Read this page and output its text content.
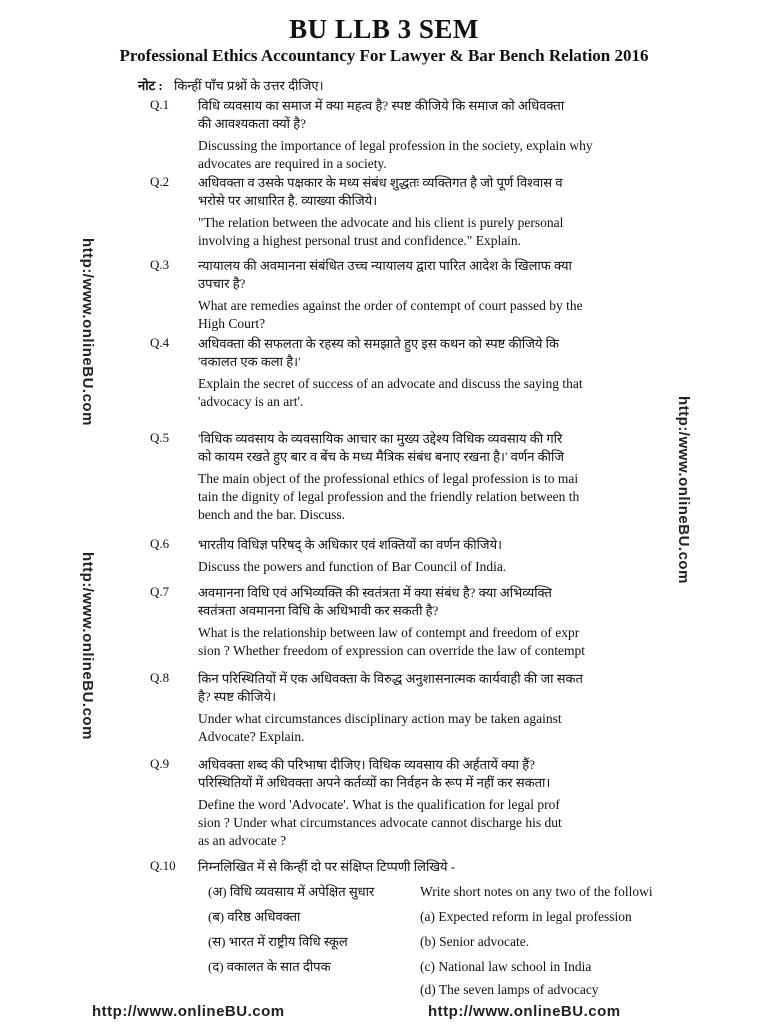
BU LLB 3 SEM
Professional Ethics Accountancy For Lawyer & Bar Bench Relation 2016
नोट : किन्हीं पाँच प्रश्नों के उत्तर दीजिए।
http:/www.onlineBU.com
http:/www.onlineBU.com
http:/www.onlineBU.com
Q.1 विधि व्यवसाय का समाज में क्या महत्व है? स्पष्ट कीजिये कि समाज को अधिवक्ता
की आवश्यकता क्यों है?
Discussing the importance of legal profession in the society, explain why
advocates are required in a society.
Q.2 अधिवक्ता व उसके पक्षकार के मध्य संबंध शुद्धतः व्यक्तिगत है जो पूर्ण विश्वास व
भरोसे पर आधारित है. व्याख्या कीजिये।
"The relation between the advocate and his client is purely personal
involving a highest personal trust and confidence." Explain.
Q.3 न्यायालय की अवमानना संबंधित उच्च न्यायालय द्वारा पारित आदेश के खिलाफ क्या
उपचार है?
What are remedies against the order of contempt of court passed by the
High Court?
Q.4 अधिवक्ता की सफलता के रहस्य को समझाते हुए इस कथन को स्पष्ट कीजिये कि
'वकालत एक कला है।'
Explain the secret of success of an advocate and discuss the saying that
'advocacy is an art'.
Q.5 'विधिक व्यवसाय के व्यवसायिक आचार का मुख्य उद्देश्य विधिक व्यवसाय की गरि
को कायम रखते हुए बार व बेंच के मध्य मैत्रिक संबंध बनाए रखना है।' वर्णन कीजि
The main object of the professional ethics of legal profession is to mai
tain the dignity of legal profession and the friendly relation between th
bench and the bar. Discuss.
Q.6 भारतीय विधिज्ञ परिषद् के अधिकार एवं शक्तियों का वर्णन कीजिये।
Discuss the powers and function of Bar Council of India.
Q.7 अवमानना विधि एवं अभिव्यक्ति की स्वतंत्रता में क्या संबंध है? क्या अभिव्यक्ति
स्वतंत्रता अवमानना विधि के अधिभावी कर सकती है?
What is the relationship between law of contempt and freedom of expr
sion ? Whether freedom of expression can override the law of contempt
Q.8 किन परिस्थितियों में एक अधिवक्ता के विरुद्ध अनुशासनात्मक कार्यवाही की जा सकत
है? स्पष्ट कीजिये।
Under what circumstances disciplinary action may be taken against
Advocate? Explain.
Q.9 अधिवक्ता शब्द की परिभाषा दीजिए। विधिक व्यवसाय की अर्हतायें क्या हैं?
परिस्थितियों में अधिवक्ता अपने कर्तव्यों का निर्वहन के रूप में नहीं कर सकता।
Define the word 'Advocate'. What is the qualification for legal prof
sion ? Under what circumstances advocate cannot discharge his dut
as an advocate ?
Q.10 निम्नलिखित में से किन्हीं दो पर संक्षिप्त टिप्पणी लिखिये -
(अ) विधि व्यवसाय में अपेक्षित सुधार	Write short notes on any two of the followi
(ब) वरिष्ठ अधिवक्ता	(a) Expected reform in legal profession
(स) भारत में राष्ट्रीय विधि स्कूल	(b) Senior advocate.
(द) वकालत के सात दीपक	(c) National law school in India
(d) The seven lamps of advocacy
http://www.onlineBU.com	http://www.onlineBU.com
